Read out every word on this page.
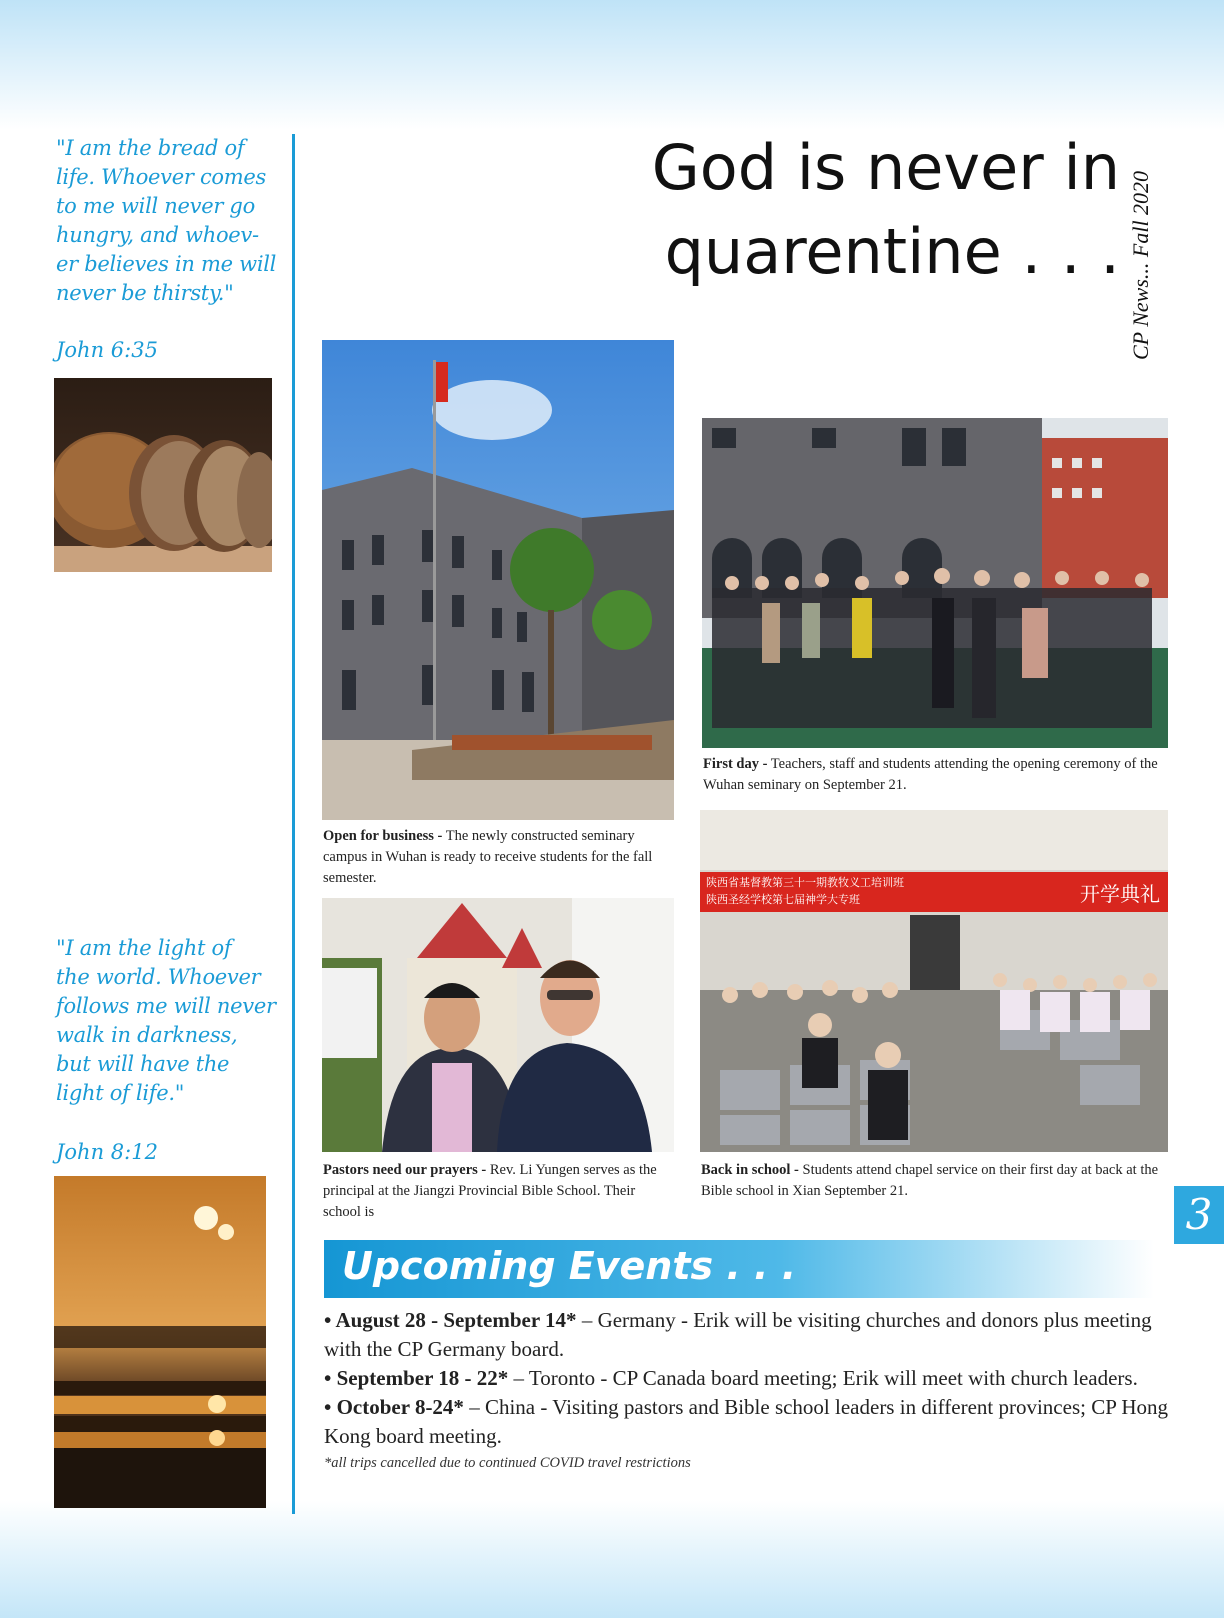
"I am the bread of
life. Whoever comes
to me will never go
hungry, and whoev-
er believes in me will
never be thirsty."
John 6:35
"I am the light of
the world. Whoever
follows me will never
walk in darkness,
but will have the
light of life."
John 8:12
God is never in
quarentine . . . CP News... Fall 2020
Open for business - The newly constructed seminary campus in Wuhan is ready to receive students for the fall semester.
First day - Teachers, staff and students attending the opening ceremony of the Wuhan seminary on September 21.
Pastors need our prayers - Rev. Li Yungen serves as the principal at the Jiangzi Provincial Bible School. Their school is
陕西省基督教第三十一期教牧义工培训班
陕西圣经学校第七届神学大专班	开学典礼
Back in school - Students attend chapel service on their first day at back at the Bible school in Xian September 21.	3
Upcoming Events . . .
• August 28 - September 14* – Germany - Erik will be visiting churches and donors plus meeting with the CP Germany board.
• September 18 - 22* – Toronto - CP Canada board meeting; Erik will meet with church leaders.
• October 8-24* – China - Visiting pastors and Bible school leaders in different provinces; CP Hong Kong board meeting.
*all trips cancelled due to continued COVID travel restrictions
